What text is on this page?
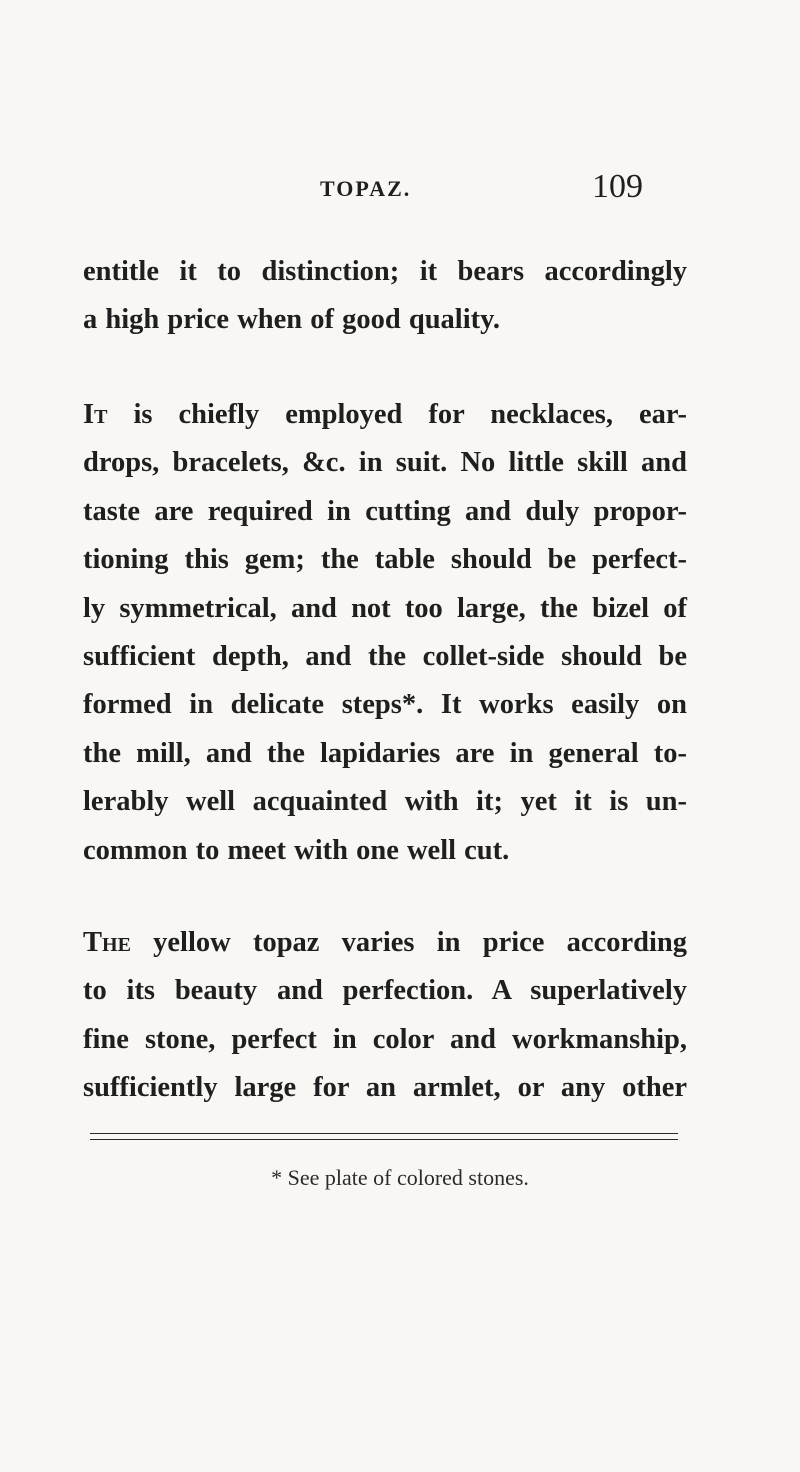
TOPAZ.	109
entitle it to distinction; it bears accordingly
a high price when of good quality.
It is chiefly employed for necklaces, ear-
drops, bracelets, &c. in suit. No little skill and
taste are required in cutting and duly propor-
tioning this gem; the table should be perfect-
ly symmetrical, and not too large, the bizel of
sufficient depth, and the collet-side should be
formed in delicate steps*. It works easily on
the mill, and the lapidaries are in general to-
lerably well acquainted with it; yet it is un-
common to meet with one well cut.
The yellow topaz varies in price according
to its beauty and perfection. A superlatively
fine stone, perfect in color and workmanship,
sufficiently large for an armlet, or any other
* See plate of colored stones.
